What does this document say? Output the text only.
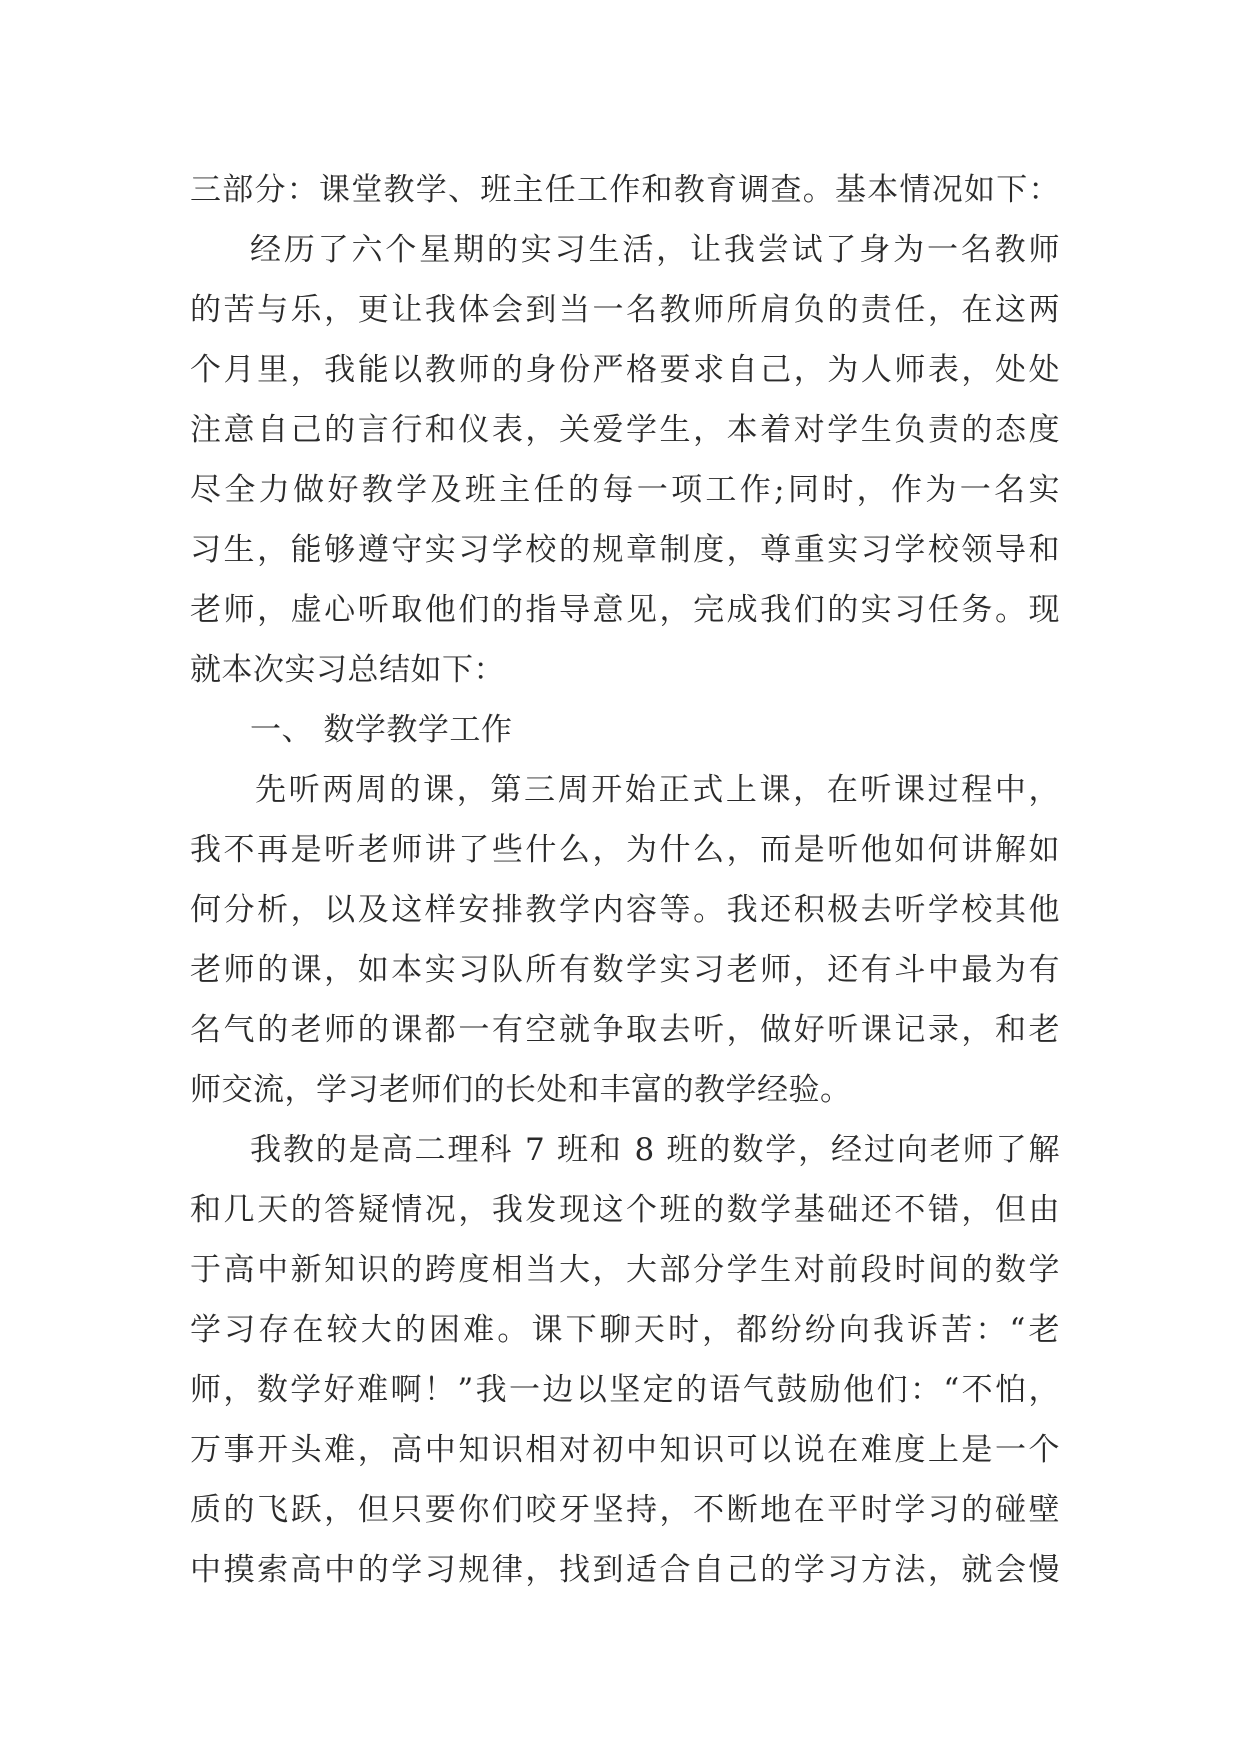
三部分：课堂教学、班主任工作和教育调查。基本情况如下：
经历了六个星期的实习生活，让我尝试了身为一名教师
的苦与乐，更让我体会到当一名教师所肩负的责任，在这两
个月里，我能以教师的身份严格要求自己，为人师表，处处
注意自己的言行和仪表，关爱学生，本着对学生负责的态度
尽全力做好教学及班主任的每一项工作;同时，作为一名实
习生，能够遵守实习学校的规章制度，尊重实习学校领导和
老师，虚心听取他们的指导意见，完成我们的实习任务。现
就本次实习总结如下：
一、 数学教学工作
先听两周的课，第三周开始正式上课，在听课过程中，
我不再是听老师讲了些什么，为什么，而是听他如何讲解如
何分析，以及这样安排教学内容等。我还积极去听学校其他
老师的课，如本实习队所有数学实习老师，还有斗中最为有
名气的老师的课都一有空就争取去听，做好听课记录，和老
师交流，学习老师们的长处和丰富的教学经验。
我教的是高二理科 7 班和 8 班的数学，经过向老师了解
和几天的答疑情况，我发现这个班的数学基础还不错，但由
于高中新知识的跨度相当大，大部分学生对前段时间的数学
学习存在较大的困难。课下聊天时，都纷纷向我诉苦：“老
师，数学好难啊！”我一边以坚定的语气鼓励他们：“不怕，
万事开头难，高中知识相对初中知识可以说在难度上是一个
质的飞跃，但只要你们咬牙坚持，不断地在平时学习的碰壁
中摸索高中的学习规律，找到适合自己的学习方法，就会慢
